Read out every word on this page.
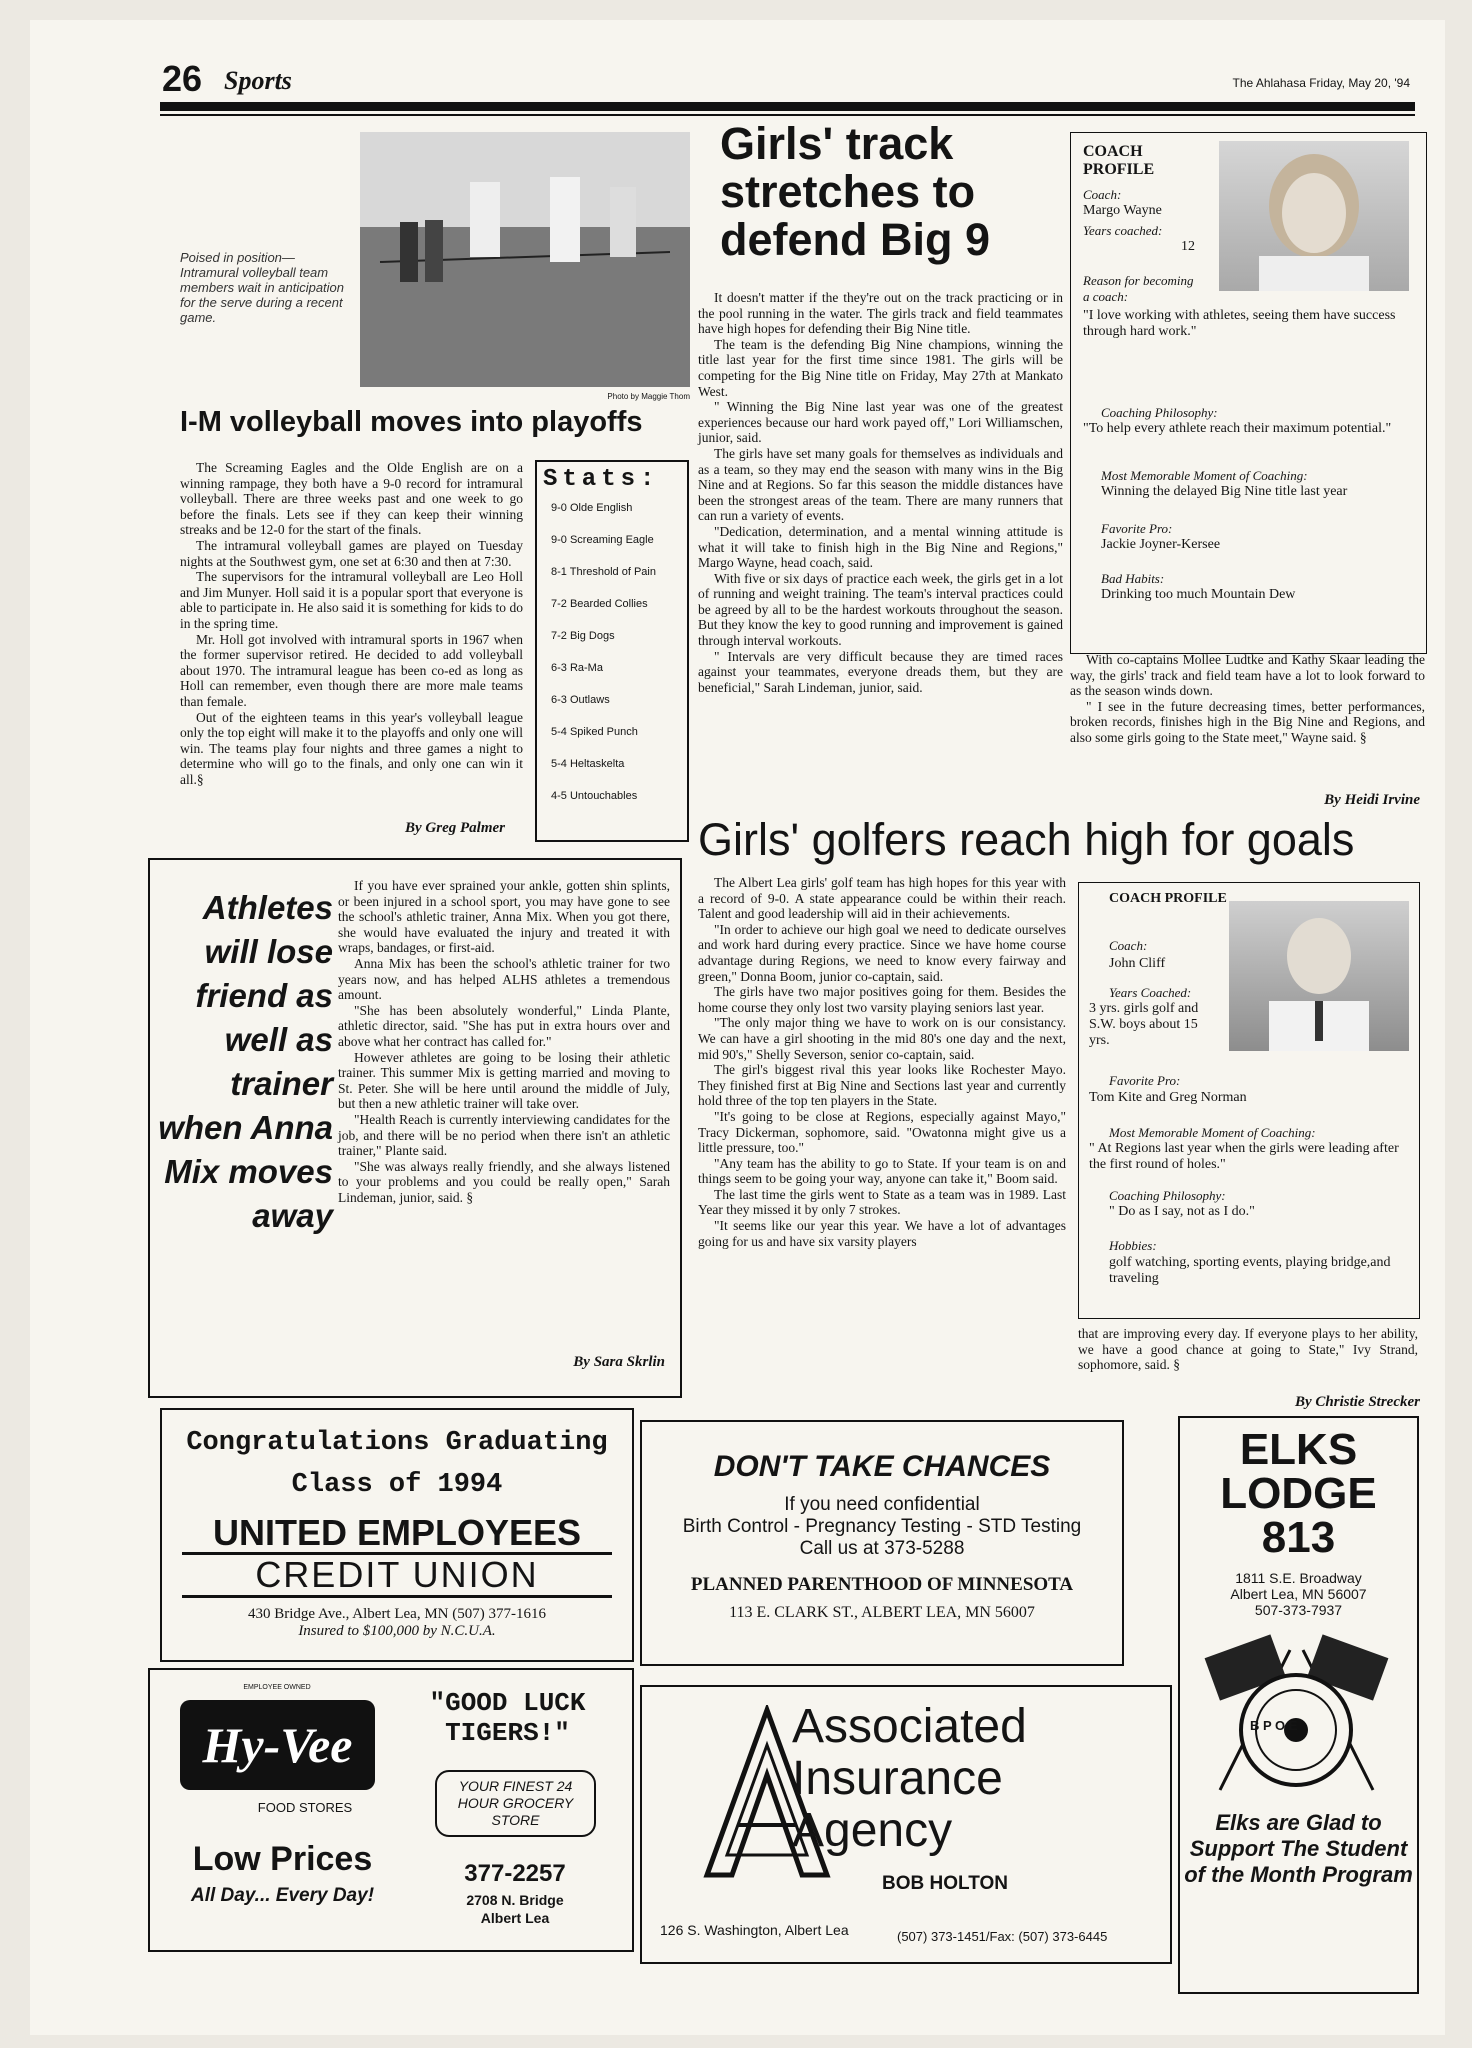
26 Sports	The Ahlahasa Friday, May 20, '94
Poised in position— Intramural volleyball team members wait in anticipation for the serve during a recent game.
Photo by Maggie Thom
I-M volleyball moves into playoffs

The Screaming Eagles and the Olde English are on a winning rampage, they both have a 9-0 record for intramural volleyball. There are three weeks past and one week to go before the finals. Lets see if they can keep their winning streaks and be 12-0 for the start of the finals.

The intramural volleyball games are played on Tuesday nights at the Southwest gym, one set at 6:30 and then at 7:30.

The supervisors for the intramural volleyball are Leo Holl and Jim Munyer. Holl said it is a popular sport that everyone is able to participate in. He also said it is something for kids to do in the spring time.

Mr. Holl got involved with intramural sports in 1967 when the former supervisor retired. He decided to add volleyball about 1970. The intramural league has been co-ed as long as Holl can remember, even though there are more male teams than female.

Out of the eighteen teams in this year's volleyball league only the top eight will make it to the playoffs and only one will win. The teams play four nights and three games a night to determine who will go to the finals, and only one can win it all.§

By Greg Palmer
Stats:
9-0 Olde English
9-0 Screaming Eagle
8-1 Threshold of Pain
7-2 Bearded Collies
7-2 Big Dogs
6-3 Ra-Ma
6-3 Outlaws
5-4 Spiked Punch
5-4 Heltaskelta
4-5 Untouchables
Girls' track stretches to defend Big 9

It doesn't matter if the they're out on the track practicing or in the pool running in the water. The girls track and field teammates have high hopes for defending their Big Nine title.

The team is the defending Big Nine champions, winning the title last year for the first time since 1981. The girls will be competing for the Big Nine title on Friday, May 27th at Mankato West.

" Winning the Big Nine last year was one of the greatest experiences because our hard work payed off," Lori Williamschen, junior, said.

The girls have set many goals for themselves as individuals and as a team, so they may end the season with many wins in the Big Nine and at Regions. So far this season the middle distances have been the strongest areas of the team. There are many runners that can run a variety of events.

"Dedication, determination, and a mental winning attitude is what it will take to finish high in the Big Nine and Regions," Margo Wayne, head coach, said.

With five or six days of practice each week, the girls get in a lot of running and weight training. The team's interval practices could be agreed by all to be the hardest workouts throughout the season. But they know the key to good running and improvement is gained through interval workouts.

" Intervals are very difficult because they are timed races against your teammates, everyone dreads them, but they are beneficial," Sarah Lindeman, junior, said.

COACH PROFILE
Coach:
Margo Wayne
Years coached:
12
Reason for becoming a coach:
"I love working with athletes, seeing them have success through hard work."
Coaching Philosophy:
"To help every athlete reach their maximum potential."
Most Memorable Moment of Coaching:
Winning the delayed Big Nine title last year
Favorite Pro:
Jackie Joyner-Kersee
Bad Habits:
Drinking too much Mountain Dew

With co-captains Mollee Ludtke and Kathy Skaar leading the way, the girls' track and field team have a lot to look forward to as the season winds down.

" I see in the future decreasing times, better performances, broken records, finishes high in the Big Nine and Regions, and also some girls going to the State meet," Wayne said. §

By Heidi Irvine
Girls' golfers reach high for goals
Athletes will lose friend as well as trainer when Anna Mix moves away

If you have ever sprained your ankle, gotten shin splints, or been injured in a school sport, you may have gone to see the school's athletic trainer, Anna Mix. When you got there, she would have evaluated the injury and treated it with wraps, bandages, or first-aid.

Anna Mix has been the school's athletic trainer for two years now, and has helped ALHS athletes a tremendous amount.

"She has been absolutely wonderful," Linda Plante, athletic director, said. "She has put in extra hours over and above what her contract has called for."

However athletes are going to be losing their athletic trainer. This summer Mix is getting married and moving to St. Peter. She will be here until around the middle of July, but then a new athletic trainer will take over.

"Health Reach is currently interviewing candidates for the job, and there will be no period when there isn't an athletic trainer," Plante said.

"She was always really friendly, and she always listened to your problems and you could be really open," Sarah Lindeman, junior, said. §

By Sara Skrlin

The Albert Lea girls' golf team has high hopes for this year with a record of 9-0. A state appearance could be within their reach. Talent and good leadership will aid in their achievements.

"In order to achieve our high goal we need to dedicate ourselves and work hard during every practice. Since we have home course advantage during Regions, we need to know every fairway and green," Donna Boom, junior co-captain, said.

The girls have two major positives going for them. Besides the home course they only lost two varsity playing seniors last year.

"The only major thing we have to work on is our consistancy. We can have a girl shooting in the mid 80's one day and the next, mid 90's," Shelly Severson, senior co-captain, said.

The girl's biggest rival this year looks like Rochester Mayo. They finished first at Big Nine and Sections last year and currently hold three of the top ten players in the State.

"It's going to be close at Regions, especially against Mayo," Tracy Dickerman, sophomore, said. "Owatonna might give us a little pressure, too."

"Any team has the ability to go to State. If your team is on and things seem to be going your way, anyone can take it," Boom said.

The last time the girls went to State as a team was in 1989. Last Year they missed it by only 7 strokes.

"It seems like our year this year. We have a lot of advantages going for us and have six varsity players

COACH PROFILE
Coach:
John Cliff
Years Coached:
3 yrs. girls golf and S.W. boys about 15 yrs.
Favorite Pro:
Tom Kite and Greg Norman
Most Memorable Moment of Coaching:
" At Regions last year when the girls were leading after the first round of holes."
Coaching Philosophy:
" Do as I say, not as I do."
Hobbies:
golf watching, sporting events, playing bridge,and traveling
that are improving every day. If everyone plays to her ability, we have a good chance at going to State," Ivy Strand, sophomore, said. §
By Christie Strecker
Congratulations Graduating
Class of 1994
UNITED EMPLOYEES
CREDIT UNION
430 Bridge Ave., Albert Lea, MN (507) 377-1616
Insured to $100,000 by N.C.U.A.
DON'T TAKE CHANCES
If you need confidential
Birth Control - Pregnancy Testing - STD Testing
Call us at 373-5288
PLANNED PARENTHOOD OF MINNESOTA
113 E. CLARK ST., ALBERT LEA, MN 56007
ELKS
LODGE
813
1811 S.E. Broadway
Albert Lea, MN 56007
507-373-7937
B P O E
Elks are Glad to Support The Student of the Month Program
EMPLOYEE OWNED
Hy-Vee
FOOD STORES
Low Prices
All Day... Every Day!
"GOOD LUCK TIGERS!"
YOUR FINEST 24 HOUR GROCERY STORE
377-2257
2708 N. Bridge
Albert Lea
Associated
Insurance
Agency
BOB HOLTON
126 S. Washington, Albert Lea	(507) 373-1451/Fax: (507) 373-6445
